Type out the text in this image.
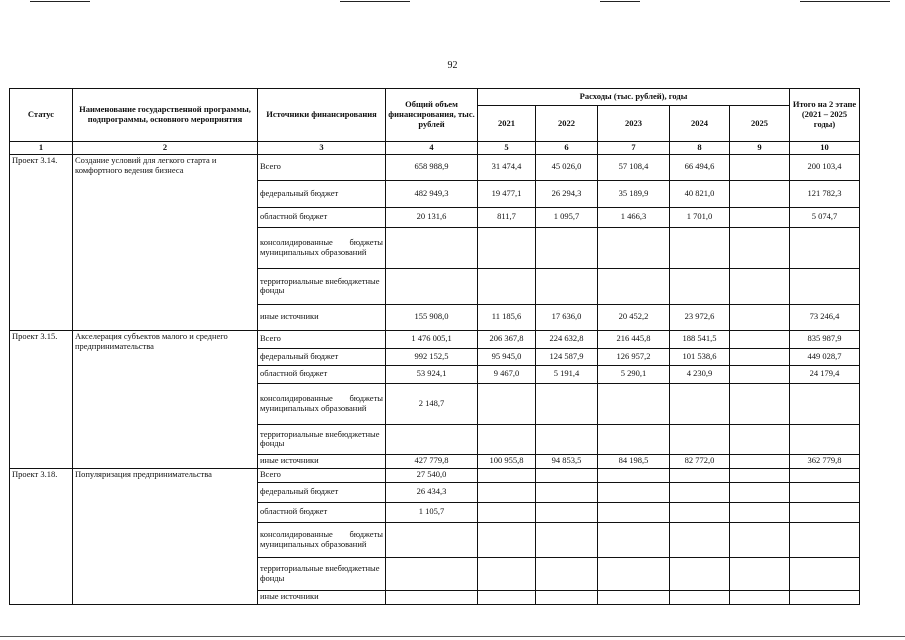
92
Статус	Наименование государственной программы, подпрограммы, основного мероприятия	Источники финансирования	Общий объем финансирования, тыс. рублей	Расходы (тыс. рублей), годы					Итого на 2 этапе (2021 – 2025 годы)
				2021	2022	2023	2024	2025	
1	2	3	4	5	6	7	8	9	10
Проект 3.14.	Создание условий для легкого старта и комфортного ведения бизнеса	Всего	658 988,9	31 474,4	45 026,0	57 108,4	66 494,6		200 103,4
		федеральный бюджет	482 949,3	19 477,1	26 294,3	35 189,9	40 821,0		121 782,3
		областной бюджет	20 131,6	811,7	1 095,7	1 466,3	1 701,0		5 074,7
		консолидированные бюджеты муниципальных образований							
		территориальные внебюджетные фонды							
		иные источники	155 908,0	11 185,6	17 636,0	20 452,2	23 972,6		73 246,4
Проект 3.15.	Акселерация субъектов малого и среднего предпринимательства	Всего	1 476 005,1	206 367,8	224 632,8	216 445,8	188 541,5		835 987,9
		федеральный бюджет	992 152,5	95 945,0	124 587,9	126 957,2	101 538,6		449 028,7
		областной бюджет	53 924,1	9 467,0	5 191,4	5 290,1	4 230,9		24 179,4
		консолидированные бюджеты муниципальных образований	2 148,7						
		территориальные внебюджетные фонды							
		иные источники	427 779,8	100 955,8	94 853,5	84 198,5	82 772,0		362 779,8
Проект 3.18.	Популяризация предпринимательства	Всего	27 540,0						
		федеральный бюджет	26 434,3						
		областной бюджет	1 105,7						
		консолидированные бюджеты муниципальных образований							
		территориальные внебюджетные фонды							
		иные источники							
